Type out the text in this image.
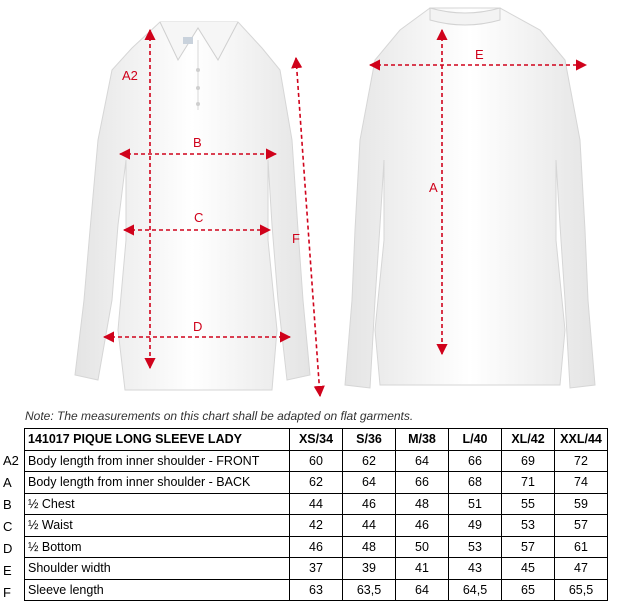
A2
B
C
D
F
E
A
Note: The measurements on this chart shall be adapted on flat garments.
A2
A
B
C
D
E
F
141017 PIQUE LONG SLEEVE LADY	XS/34	S/36	M/38	L/40	XL/42	XXL/44
Body length from inner shoulder - FRONT	60	62	64	66	69	72
Body length from inner shoulder - BACK	62	64	66	68	71	74
½ Chest	44	46	48	51	55	59
½ Waist	42	44	46	49	53	57
½ Bottom	46	48	50	53	57	61
Shoulder width	37	39	41	43	45	47
Sleeve length	63	63,5	64	64,5	65	65,5
